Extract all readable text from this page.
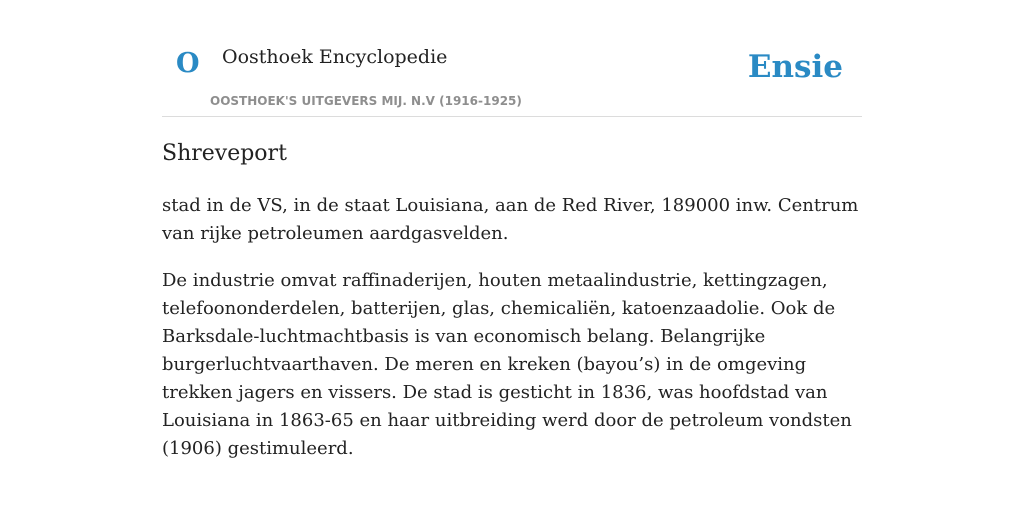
O Oosthoek Encyclopedie
OOSTHOEK'S UITGEVERS MIJ. N.V (1916-1925)
Ensie
Shreveport

stad in de VS, in de staat Louisiana, aan de Red River, 189000 inw. Centrum van rijke petroleumen aardgasvelden.

De industrie omvat raffinaderijen, houten metaalindustrie, kettingzagen, telefoononderdelen, batterijen, glas, chemicaliën, katoenzaadolie. Ook de Barksdale-luchtmachtbasis is van economisch belang. Belangrijke burgerluchtvaarthaven. De meren en kreken (bayou’s) in de omgeving trekken jagers en vissers. De stad is gesticht in 1836, was hoofdstad van Louisiana in 1863-65 en haar uitbreiding werd door de petroleum vondsten (1906) gestimuleerd.
